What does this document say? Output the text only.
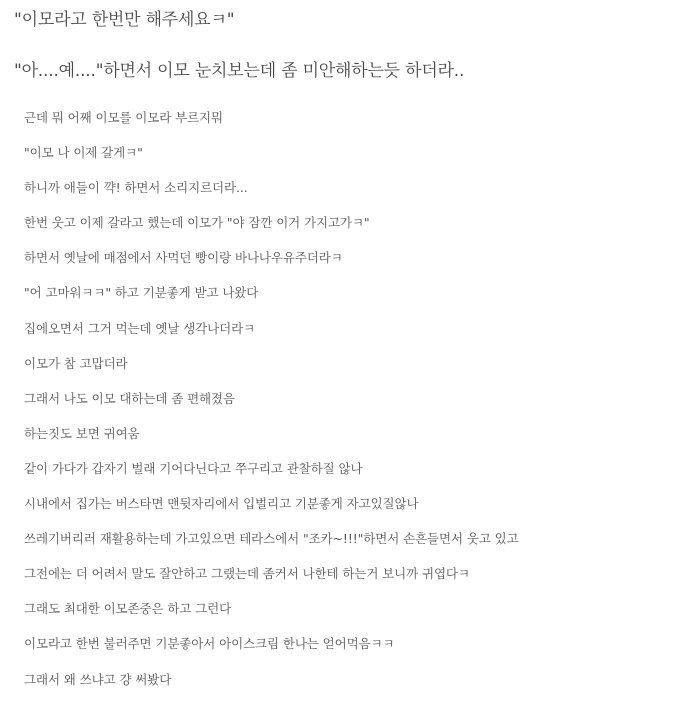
"이모라고 한번만 해주세요ㅋ"
"아....예...."하면서 이모 눈치보는데 좀 미안해하는듯 하더라..
근데 뭐 어째 이모를 이모라 부르지뭐
"이모 나 이제 갈게ㅋ"
하니까 애들이 꺅! 하면서 소리지르더라...
한번 웃고 이제 갈라고 했는데 이모가 "야 잠깐 이거 가지고가ㅋ"
하면서 옛날에 매점에서 사먹던 빵이랑 바나나우유주더라ㅋ
"어 고마워ㅋㅋ" 하고 기분좋게 받고 나왔다
집에오면서 그거 먹는데 옛날 생각나더라ㅋ
이모가 참 고맙더라
그래서 나도 이모 대하는데 좀 편해졌음
하는짓도 보면 귀여움
같이 가다가 갑자기 벌래 기어다닌다고 쭈구리고 관찰하질 않나
시내에서 집가는 버스타면 맨뒷자리에서 입벌리고 기분좋게 자고있질않나
쓰레기버리러 재활용하는데 가고있으면 테라스에서 "조카~!!!"하면서 손흔들면서 웃고 있고
그전에는 더 어려서 말도 잘안하고 그랬는데 좀커서 나한테 하는거 보니까 귀엽다ㅋ
그래도 최대한 이모존중은 하고 그런다
이모라고 한번 불러주면 기분좋아서 아이스크림 한나는 얻어먹음ㅋㅋ
그래서 왜 쓰냐고 걍 써봤다
